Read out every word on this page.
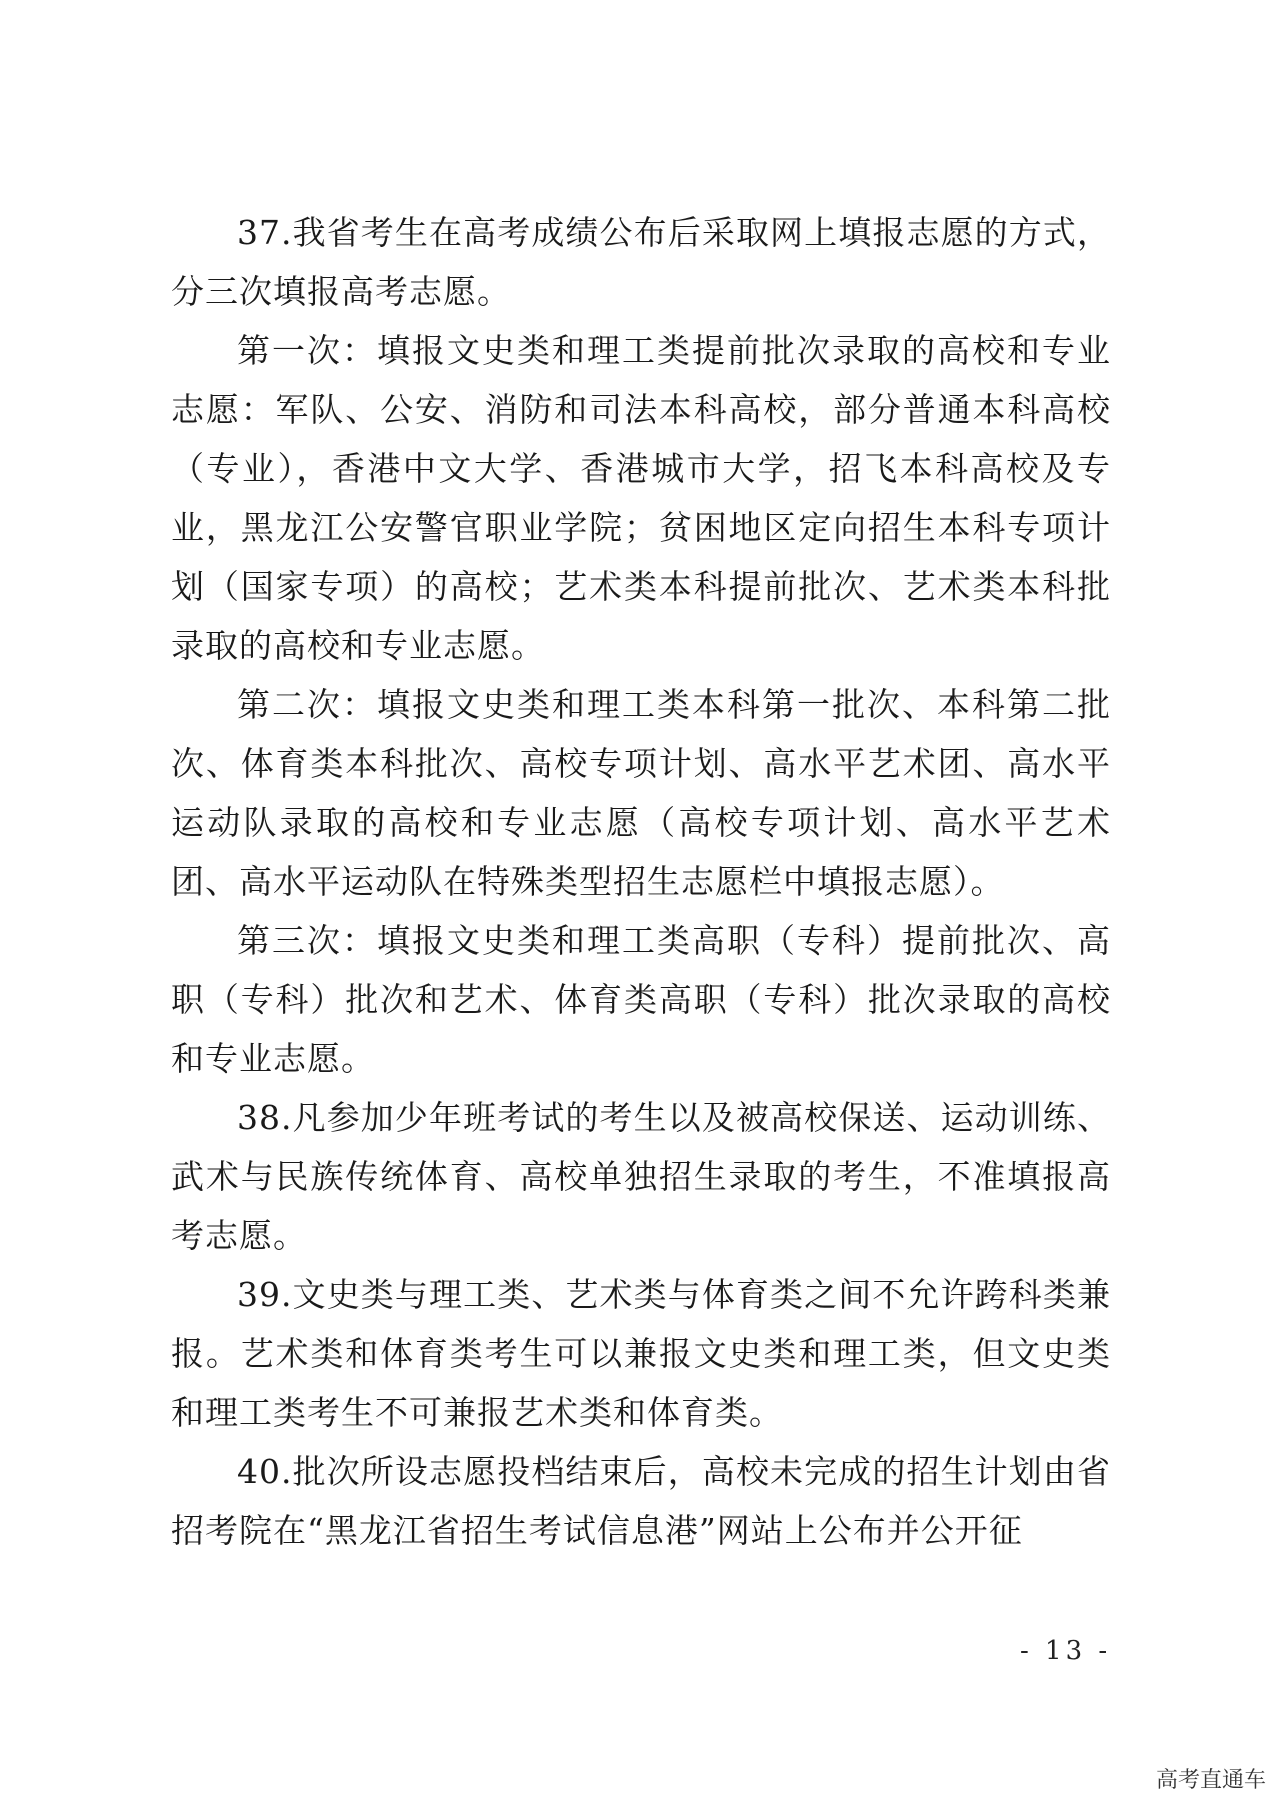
37.我省考生在高考成绩公布后采取网上填报志愿的方式，分三次填报高考志愿。

第一次：填报文史类和理工类提前批次录取的高校和专业志愿：军队、公安、消防和司法本科高校，部分普通本科高校（专业），香港中文大学、香港城市大学，招飞本科高校及专业，黑龙江公安警官职业学院；贫困地区定向招生本科专项计划（国家专项）的高校；艺术类本科提前批次、艺术类本科批录取的高校和专业志愿。

第二次：填报文史类和理工类本科第一批次、本科第二批次、体育类本科批次、高校专项计划、高水平艺术团、高水平运动队录取的高校和专业志愿（高校专项计划、高水平艺术团、高水平运动队在特殊类型招生志愿栏中填报志愿）。

第三次：填报文史类和理工类高职（专科）提前批次、高职（专科）批次和艺术、体育类高职（专科）批次录取的高校和专业志愿。

38.凡参加少年班考试的考生以及被高校保送、运动训练、武术与民族传统体育、高校单独招生录取的考生，不准填报高考志愿。

39.文史类与理工类、艺术类与体育类之间不允许跨科类兼报。艺术类和体育类考生可以兼报文史类和理工类，但文史类和理工类考生不可兼报艺术类和体育类。

40.批次所设志愿投档结束后，高校未完成的招生计划由省招考院在“黑龙江省招生考试信息港”网站上公布并公开征

- 13 -
高考直通车
